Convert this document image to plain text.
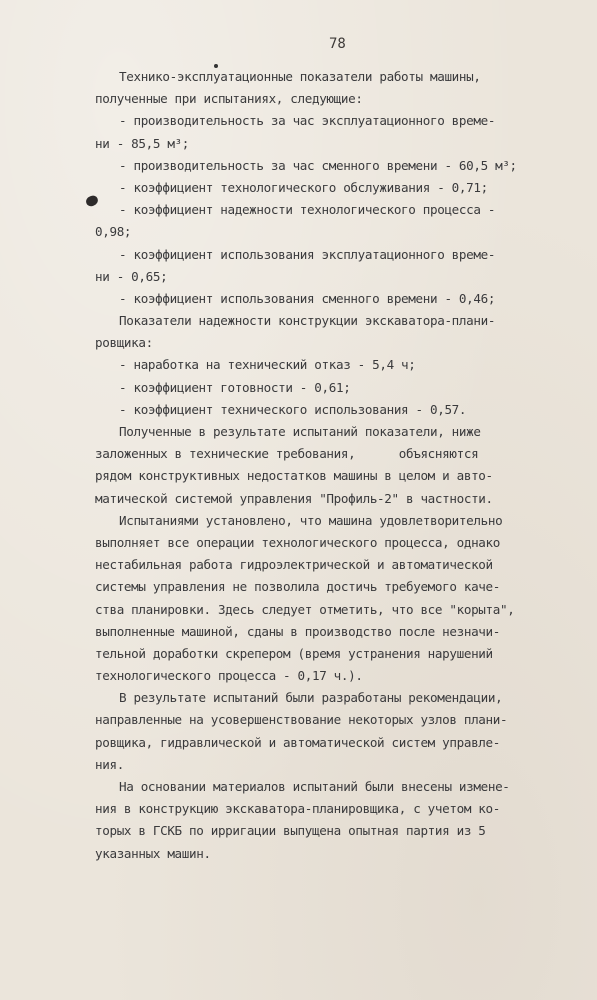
78
Технико-эксплуатационные показатели работы машины,
полученные при испытаниях, следующие:
- производительность за час эксплуатационного време-
ни - 85,5 м³;
- производительность за час сменного времени - 60,5 м³;
- коэффициент технологического обслуживания - 0,71;
- коэффициент надежности технологического процесса -
0,98;
- коэффициент использования эксплуатационного време-
ни - 0,65;
- коэффициент использования сменного времени - 0,46;
Показатели надежности конструкции экскаватора-плани-
ровщика:
- наработка на технический отказ - 5,4 ч;
- коэффициент готовности - 0,61;
- коэффициент технического использования - 0,57.
Полученные в результате испытаний показатели, ниже
заложенных в технические требования,      объясняются
рядом конструктивных недостатков машины в целом и авто-
матической системой управления "Профиль-2" в частности.
Испытаниями установлено, что машина удовлетворительно
выполняет все операции технологического процесса, однако
нестабильная работа гидроэлектрической и автоматической
системы управления не позволила достичь требуемого каче-
ства планировки. Здесь следует отметить, что все "корыта",
выполненные машиной, сданы в производство после незначи-
тельной доработки скрепером (время устранения нарушений
технологического процесса - 0,17 ч.).
В результате испытаний были разработаны рекомендации,
направленные на усовершенствование некоторых узлов плани-
ровщика, гидравлической и автоматической систем управле-
ния.
На основании материалов испытаний были внесены измене-
ния в конструкцию экскаватора-планировщика, с учетом ко-
торых в ГСКБ по ирригации выпущена опытная партия из 5
указанных машин.
